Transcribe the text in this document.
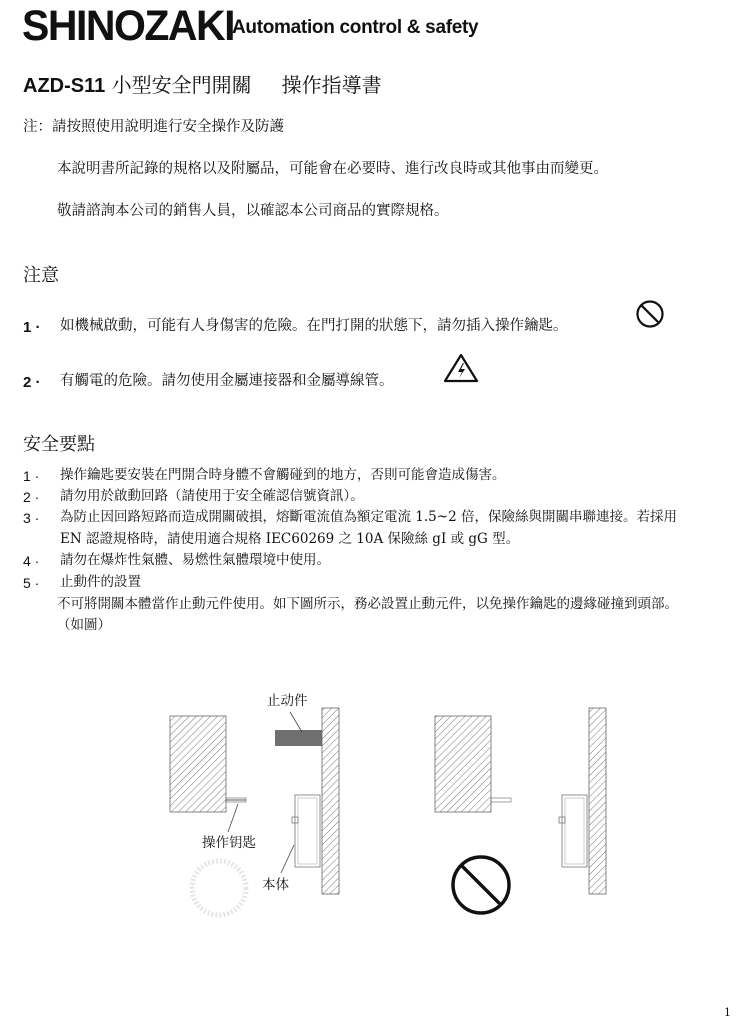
SHINOZAKI
Automation control & safety
AZD-S11 小型安全門開關 操作指導書
注：請按照使用說明進行安全操作及防護
本說明書所記錄的規格以及附屬品，可能會在必要時、進行改良時或其他事由而變更。
敬請諮詢本公司的銷售人員，以確認本公司商品的實際規格。
注意
1 · 如機械啟動，可能有人身傷害的危險。在門打開的狀態下，請勿插入操作鑰匙。
2 · 有觸電的危險。請勿使用金屬連接器和金屬導線管。
安全要點
1 · 操作鑰匙要安裝在門開合時身體不會觸碰到的地方，否則可能會造成傷害。
2 · 請勿用於啟動回路（請使用于安全確認信號資訊）。
3 · 為防止因回路短路而造成開關破損，熔斷電流值為額定電流 1.5~2 倍，保險絲與開關串聯連接。若採用
EN 認證規格時，請使用適合規格 IEC60269 之 10A 保險絲 gI 或 gG 型。
4 · 請勿在爆炸性氣體、易燃性氣體環境中使用。
5 · 止動件的設置
不可將開關本體當作止動元件使用。如下圖所示，務必設置止動元件，以免操作鑰匙的邊緣碰撞到頭部。
（如圖）
止动件
操作钥匙
本体
1
